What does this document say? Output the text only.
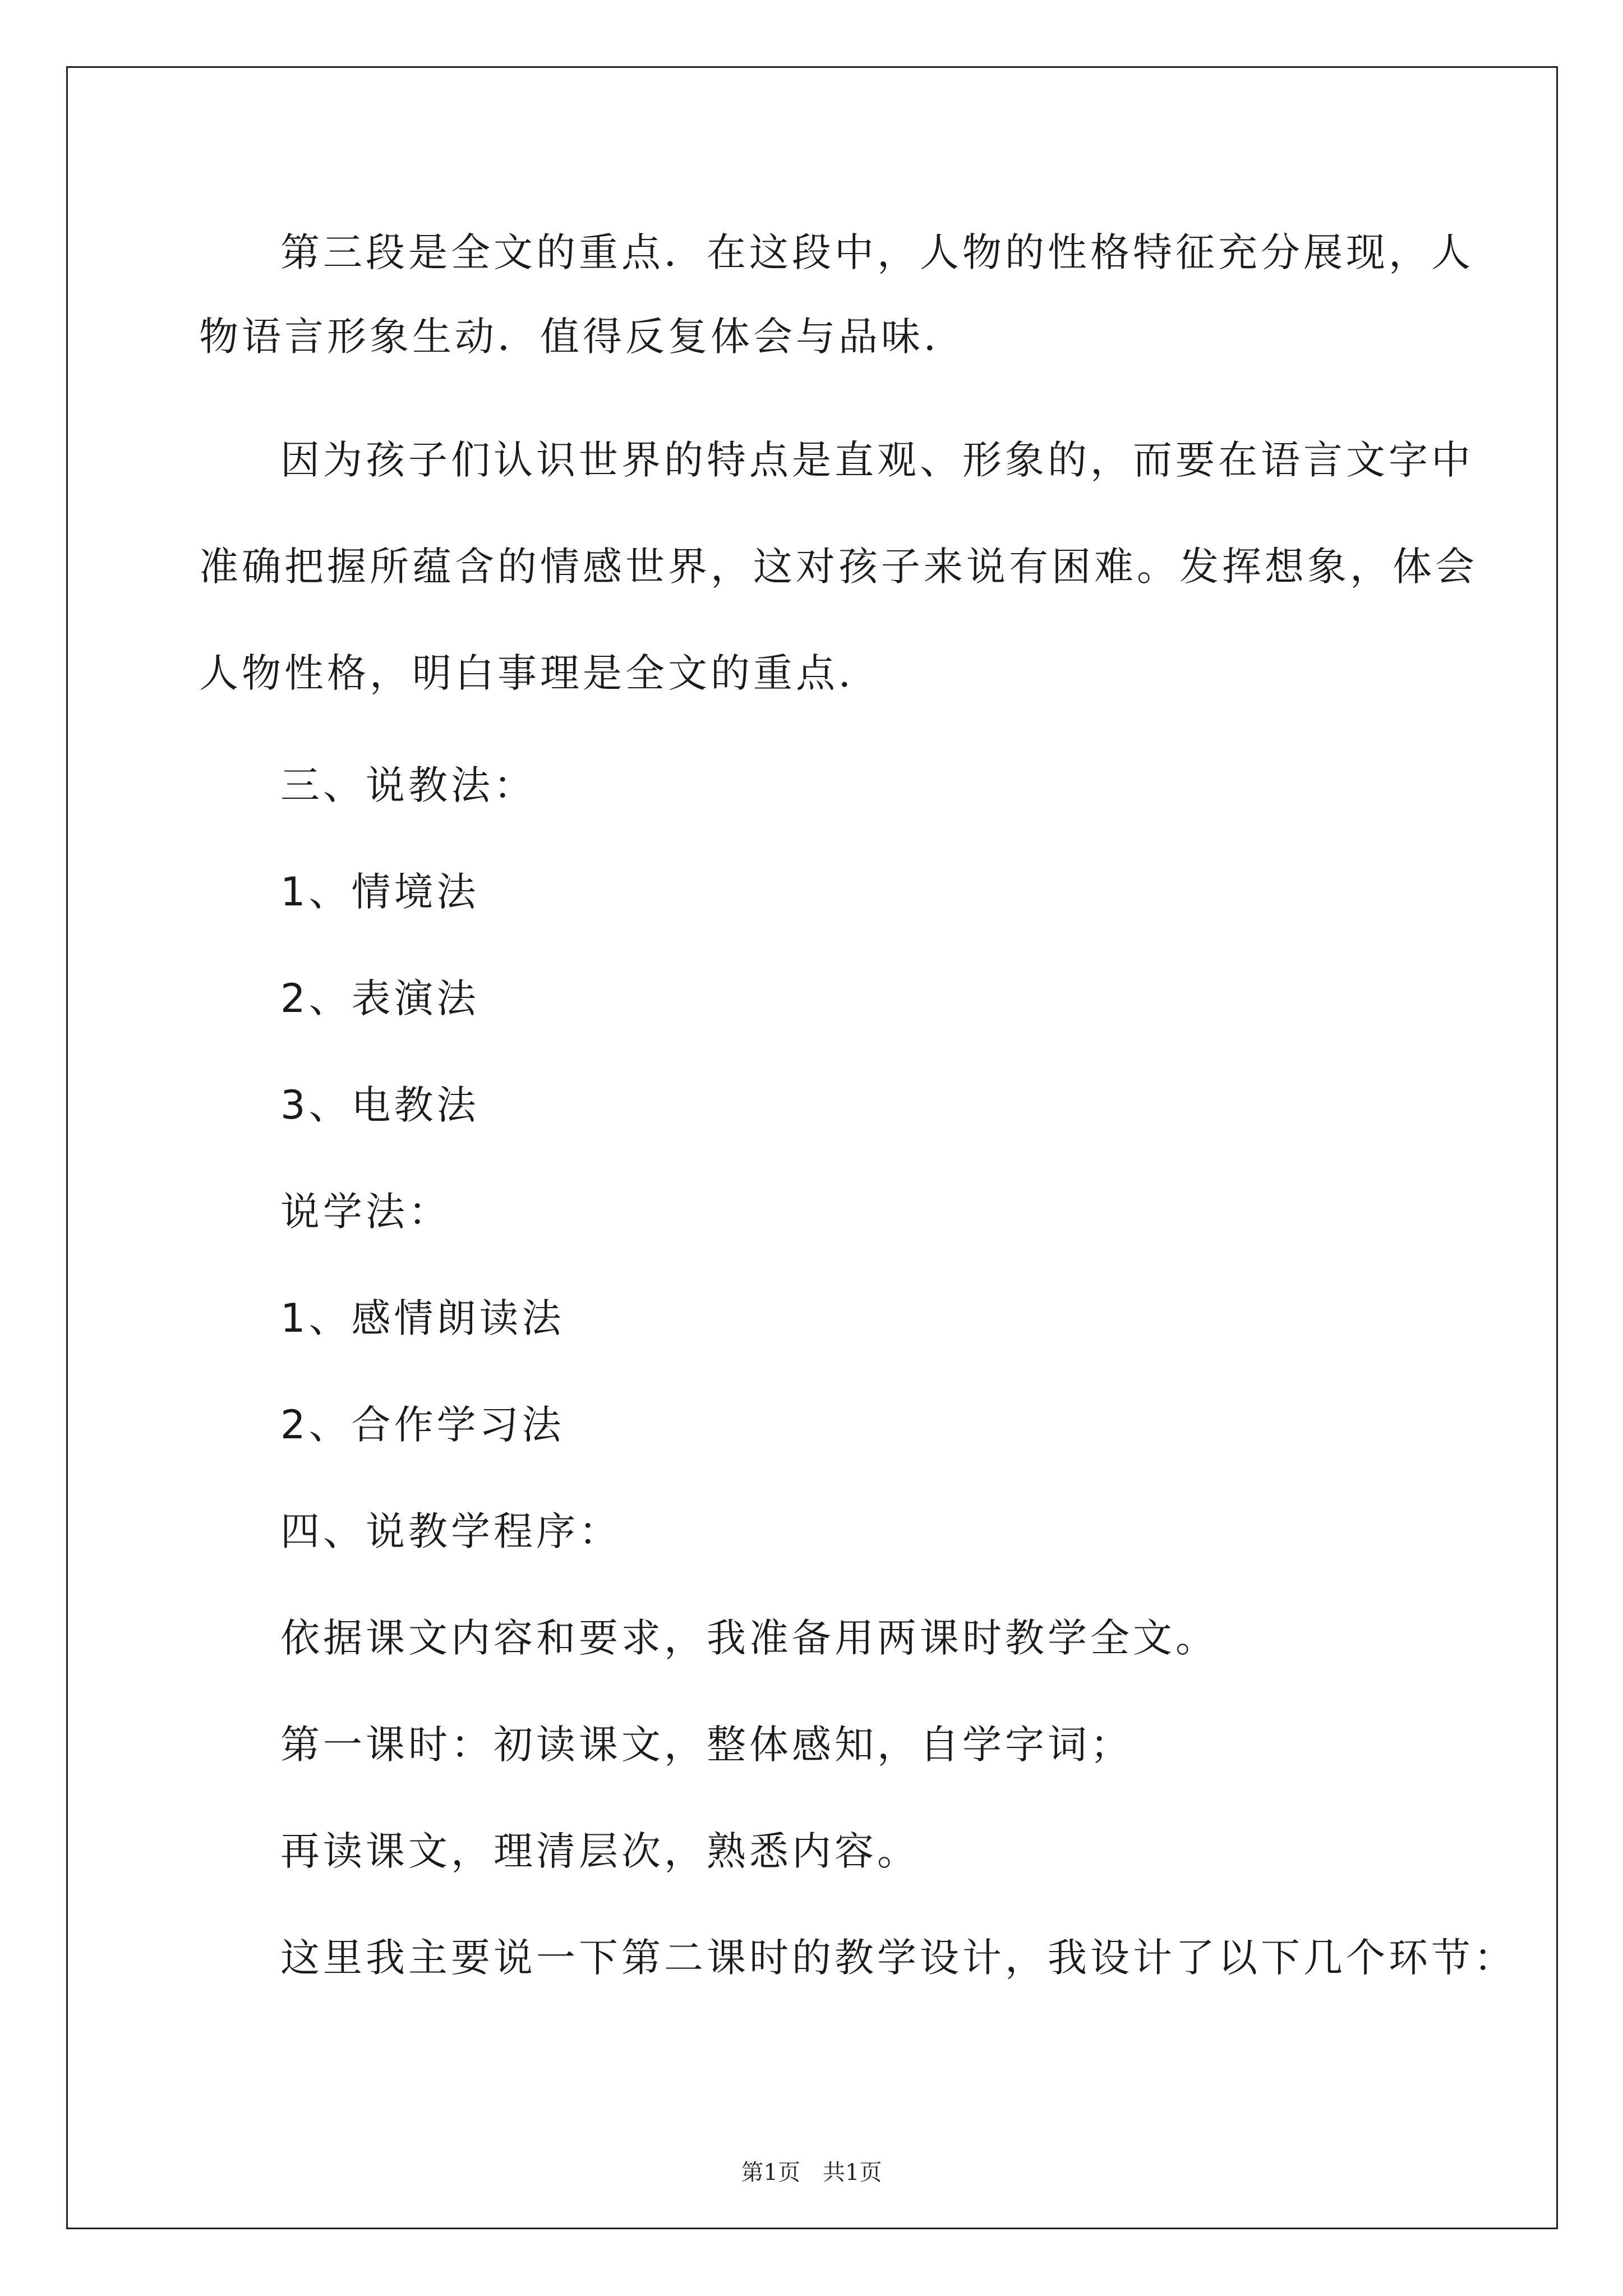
第三段是全文的重点．在这段中，人物的性格特征充分展现，人
物语言形象生动．值得反复体会与品味．
因为孩子们认识世界的特点是直观、形象的，而要在语言文字中
准确把握所蕴含的情感世界，这对孩子来说有困难。发挥想象，体会
人物性格，明白事理是全文的重点．
三、说教法：
1、情境法
2、表演法
3、电教法
说学法：
1、感情朗读法
2、合作学习法
四、说教学程序：
依据课文内容和要求，我准备用两课时教学全文。
第一课时：初读课文，整体感知，自学字词；
再读课文，理清层次，熟悉内容。
这里我主要说一下第二课时的教学设计，我设计了以下几个环节：
第1页　共1页
